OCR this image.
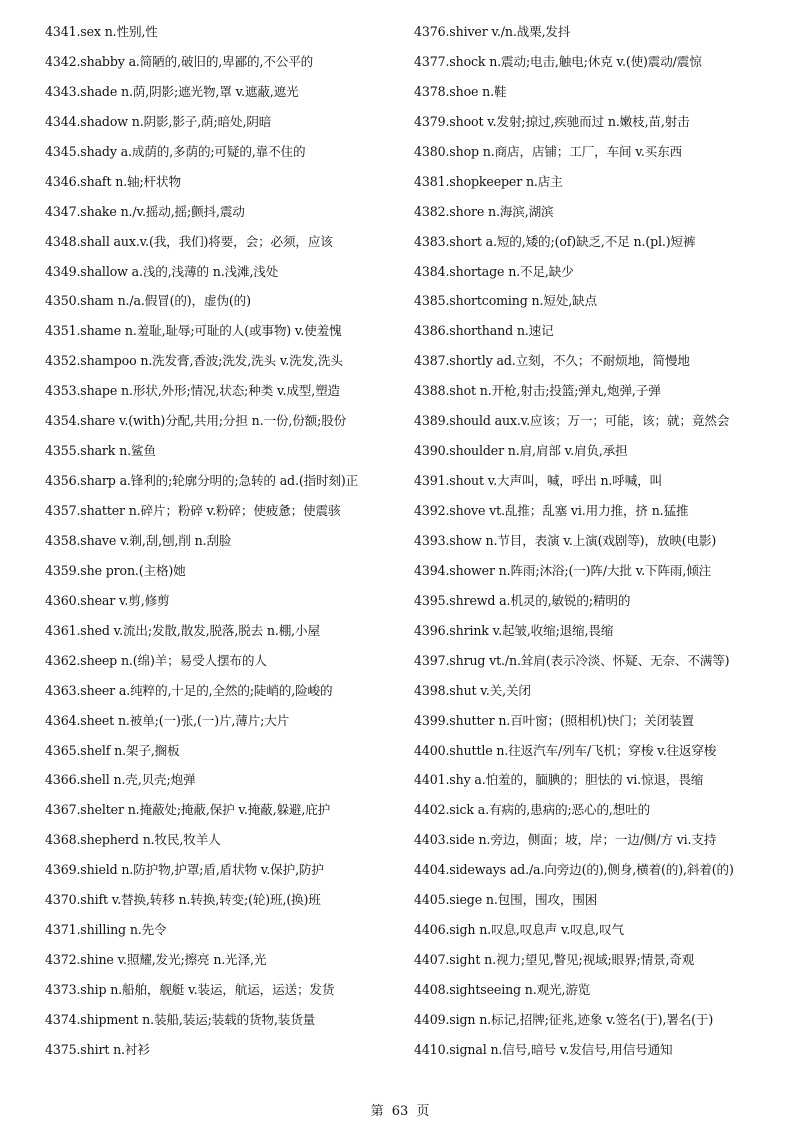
4341.sex n.性别,性
4342.shabby a.简陋的,破旧的,卑鄙的,不公平的
4343.shade n.荫,阴影;遮光物,罩 v.遮蔽,遮光
4344.shadow n.阴影,影子,荫;暗处,阴暗
4345.shady a.成荫的,多荫的;可疑的,靠不住的
4346.shaft n.轴;杆状物
4347.shake n./v.摇动,摇;颤抖,震动
4348.shall aux.v.(我，我们)将要，会；必须，应该
4349.shallow a.浅的,浅薄的 n.浅滩,浅处
4350.sham n./a.假冒(的)，虚伪(的)
4351.shame n.羞耻,耻辱;可耻的人(或事物) v.使羞愧
4352.shampoo n.洗发膏,香波;洗发,洗头 v.洗发,洗头
4353.shape n.形状,外形;情况,状态;种类 v.成型,塑造
4354.share v.(with)分配,共用;分担 n.一份,份额;股份
4355.shark n.鲨鱼
4356.sharp a.锋利的;轮廓分明的;急转的 ad.(指时刻)正
4357.shatter n.碎片；粉碎 v.粉碎；使疲惫；使震骇
4358.shave v.剃,刮,刨,削 n.刮脸
4359.she pron.(主格)她
4360.shear v.剪,修剪
4361.shed v.流出;发散,散发,脱落,脱去 n.棚,小屋
4362.sheep n.(绵)羊；易受人摆布的人
4363.sheer a.纯粹的,十足的,全然的;陡峭的,险峻的
4364.sheet n.被单;(一)张,(一)片,薄片;大片
4365.shelf n.架子,搁板
4366.shell n.壳,贝壳;炮弹
4367.shelter n.掩蔽处;掩蔽,保护 v.掩蔽,躲避,庇护
4368.shepherd n.牧民,牧羊人
4369.shield n.防护物,护罩;盾,盾状物 v.保护,防护
4370.shift v.替换,转移 n.转换,转变;(轮)班,(换)班
4371.shilling n.先令
4372.shine v.照耀,发光;擦亮 n.光泽,光
4373.ship n.船舶，舰艇 v.装运，航运，运送；发货
4374.shipment n.装船,装运;装载的货物,装货量
4375.shirt n.衬衫
4376.shiver v./n.战栗,发抖
4377.shock n.震动;电击,触电;休克 v.(使)震动/震惊
4378.shoe n.鞋
4379.shoot v.发射;掠过,疾驰而过 n.嫩枝,苗,射击
4380.shop n.商店，店铺；工厂，车间 v.买东西
4381.shopkeeper n.店主
4382.shore n.海滨,湖滨
4383.short a.短的,矮的;(of)缺乏,不足 n.(pl.)短裤
4384.shortage n.不足,缺少
4385.shortcoming n.短处,缺点
4386.shorthand n.速记
4387.shortly ad.立刻，不久；不耐烦地，简慢地
4388.shot n.开枪,射击;投篮;弹丸,炮弹,子弹
4389.should aux.v.应该；万一；可能，该；就；竟然会
4390.shoulder n.肩,肩部 v.肩负,承担
4391.shout v.大声叫，喊，呼出 n.呼喊，叫
4392.shove vt.乱推；乱塞 vi.用力推，挤 n.猛推
4393.show n.节目，表演 v.上演(戏剧等)，放映(电影)
4394.shower n.阵雨;沐浴;(一)阵/大批 v.下阵雨,倾注
4395.shrewd a.机灵的,敏锐的;精明的
4396.shrink v.起皱,收缩;退缩,畏缩
4397.shrug vt./n.耸肩(表示冷淡、怀疑、无奈、不满等)
4398.shut v.关,关闭
4399.shutter n.百叶窗；(照相机)快门；关闭装置
4400.shuttle n.往返汽车/列车/飞机；穿梭 v.往返穿梭
4401.shy a.怕羞的，腼腆的；胆怯的 vi.惊退，畏缩
4402.sick a.有病的,患病的;恶心的,想吐的
4403.side n.旁边，侧面；坡，岸；一边/侧/方 vi.支持
4404.sideways ad./a.向旁边(的),侧身,横着(的),斜着(的)
4405.siege n.包围，围攻，围困
4406.sigh n.叹息,叹息声 v.叹息,叹气
4407.sight n.视力;望见,瞥见;视域;眼界;情景,奇观
4408.sightseeing n.观光,游览
4409.sign n.标记,招牌;征兆,迹象 v.签名(于),署名(于)
4410.signal n.信号,暗号 v.发信号,用信号通知
第 63 页
